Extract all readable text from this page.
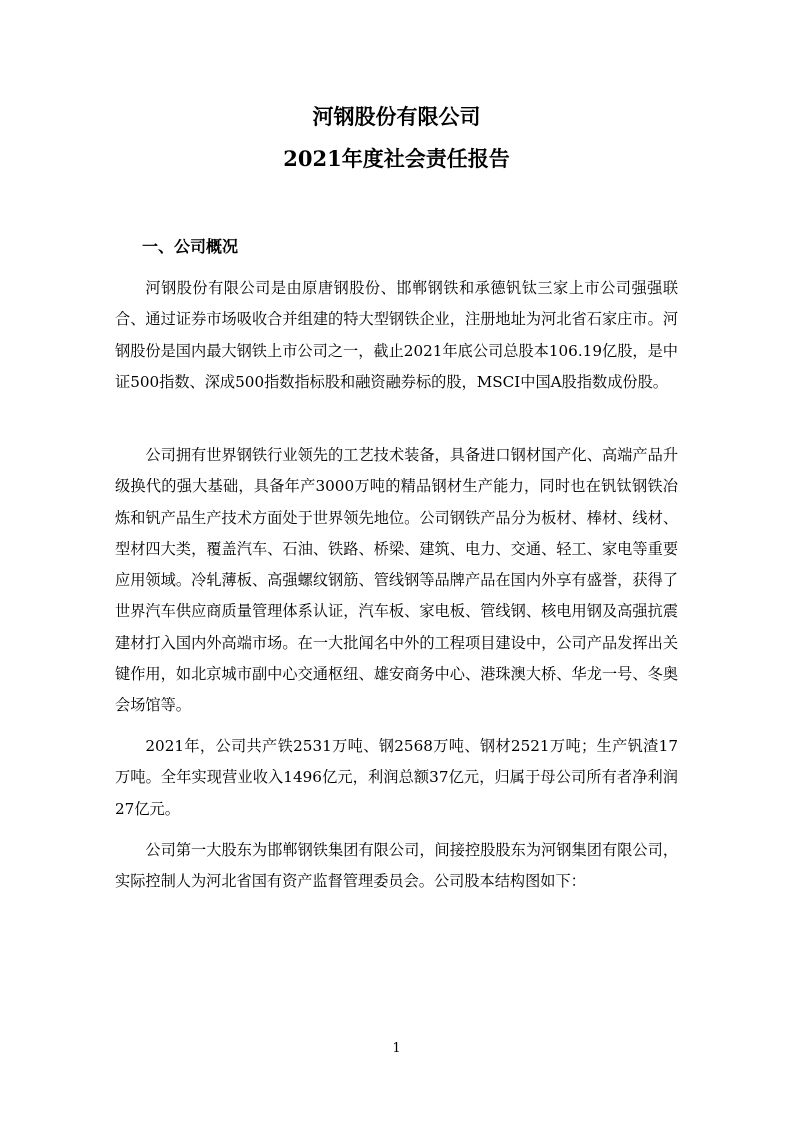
河钢股份有限公司
2021年度社会责任报告
一、公司概况

河钢股份有限公司是由原唐钢股份、邯郸钢铁和承德钒钛三家上市公司强强联合、通过证券市场吸收合并组建的特大型钢铁企业，注册地址为河北省石家庄市。河钢股份是国内最大钢铁上市公司之一，截止2021年底公司总股本106.19亿股，是中证500指数、深成500指数指标股和融资融券标的股，MSCI中国A股指数成份股。

公司拥有世界钢铁行业领先的工艺技术装备，具备进口钢材国产化、高端产品升级换代的强大基础，具备年产3000万吨的精品钢材生产能力，同时也在钒钛钢铁冶炼和钒产品生产技术方面处于世界领先地位。公司钢铁产品分为板材、棒材、线材、型材四大类，覆盖汽车、石油、铁路、桥梁、建筑、电力、交通、轻工、家电等重要应用领域。冷轧薄板、高强螺纹钢筋、管线钢等品牌产品在国内外享有盛誉，获得了世界汽车供应商质量管理体系认证，汽车板、家电板、管线钢、核电用钢及高强抗震建材打入国内外高端市场。在一大批闻名中外的工程项目建设中，公司产品发挥出关键作用，如北京城市副中心交通枢纽、雄安商务中心、港珠澳大桥、华龙一号、冬奥会场馆等。

2021年，公司共产铁2531万吨、钢2568万吨、钢材2521万吨；生产钒渣17万吨。全年实现营业收入1496亿元，利润总额37亿元，归属于母公司所有者净利润27亿元。

公司第一大股东为邯郸钢铁集团有限公司，间接控股股东为河钢集团有限公司，实际控制人为河北省国有资产监督管理委员会。公司股本结构图如下：

1
